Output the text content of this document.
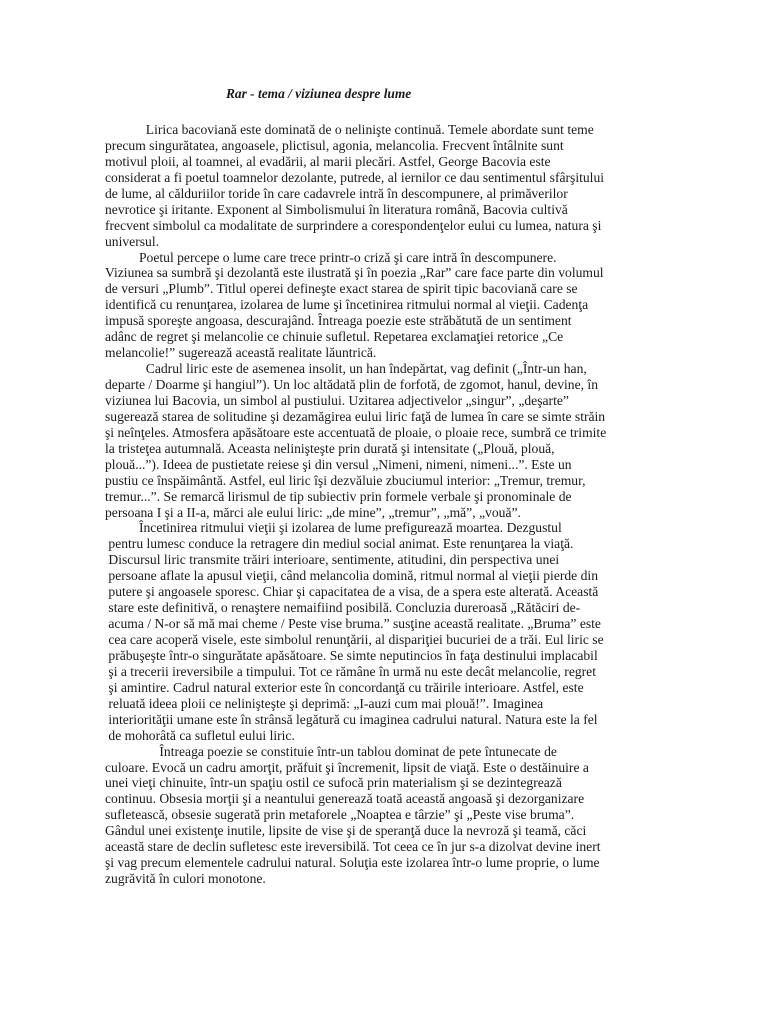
Rar - tema / viziunea despre lume
Lirica bacoviană este dominată de o nelinişte continuă. Temele abordate sunt teme
precum singurătatea, angoasele, plictisul, agonia, melancolia. Frecvent întâlnite sunt
motivul ploii, al toamnei, al evadării, al marii plecări. Astfel, George Bacovia este
considerat a fi poetul toamnelor dezolante, putrede, al iernilor ce dau sentimentul sfârşitului
de lume, al călduriilor toride în care cadavrele intră în descompunere, al primăverilor
nevrotice şi iritante. Exponent al Simbolismului în literatura română, Bacovia cultivă
frecvent simbolul ca modalitate de surprindere a corespondenţelor eului cu lumea, natura şi
universul.
Poetul percepe o lume care trece printr-o criză şi care intră în descompunere.
Viziunea sa sumbră şi dezolantă este ilustrată şi în poezia „Rar” care face parte din volumul
de versuri „Plumb”. Titlul operei defineşte exact starea de spirit tipic bacoviană care se
identifică cu renunţarea, izolarea de lume şi încetinirea ritmului normal al vieţii. Cadenţa
impusă sporeşte angoasa, descurajând. Întreaga poezie este străbătută de un sentiment
adânc de regret şi melancolie ce chinuie sufletul. Repetarea exclamaţiei retorice „Ce
melancolie!” sugerează această realitate lăuntrică.
Cadrul liric este de asemenea insolit, un han îndepărtat, vag definit („Într-un han,
departe / Doarme şi hangiul”). Un loc altădată plin de forfotă, de zgomot, hanul, devine, în
viziunea lui Bacovia, un simbol al pustiului. Uzitarea adjectivelor „singur”, „deşarte”
sugerează starea de solitudine şi dezamăgirea eului liric faţă de lumea în care se simte străin
şi neînţeles. Atmosfera apăsătoare este accentuată de ploaie, o ploaie rece, sumbră ce trimite
la tristeţea autumnală. Aceasta nelinişteşte prin durată şi intensitate („Plouă, plouă,
plouă...”). Ideea de pustietate reiese şi din versul „Nimeni, nimeni, nimeni...”. Este un
pustiu ce înspăimântă. Astfel, eul liric îşi dezvăluie zbuciumul interior: „Tremur, tremur,
tremur...”. Se remarcă lirismul de tip subiectiv prin formele verbale şi pronominale de
persoana I şi a II-a, mărci ale eului liric: „de mine”, „tremur”, „mă”, „vouă”.
Încetinirea ritmului vieţii şi izolarea de lume prefigurează moartea. Dezgustul
pentru lumesc conduce la retragere din mediul social animat. Este renunţarea la viaţă.
Discursul liric transmite trăiri interioare, sentimente, atitudini, din perspectiva unei
persoane aflate la apusul vieţii, când melancolia domină, ritmul normal al vieţii pierde din
putere şi angoasele sporesc. Chiar şi capacitatea de a visa, de a spera este alterată. Această
stare este definitivă, o renaştere nemaifiind posibilă. Concluzia dureroasă „Rătăciri de-
acuma / N-or să mă mai cheme / Peste vise bruma.” susţine această realitate. „Bruma” este
cea care acoperă visele, este simbolul renunţării, al dispariţiei bucuriei de a trăi. Eul liric se
prăbuşeşte într-o singurătate apăsătoare. Se simte neputincios în faţa destinului implacabil
şi a trecerii ireversibile a timpului. Tot ce rămâne în urmă nu este decât melancolie, regret
şi amintire. Cadrul natural exterior este în concordanţă cu trăirile interioare. Astfel, este
reluată ideea ploii ce nelinişteşte şi deprimă: „I-auzi cum mai plouă!”. Imaginea
interiorităţii umane este în strânsă legătură cu imaginea cadrului natural. Natura este la fel
de mohorâtă ca sufletul eului liric.
Întreaga poezie se constituie într-un tablou dominat de pete întunecate de
culoare. Evocă un cadru amorţit, prăfuit şi încremenit, lipsit de viaţă. Este o destăinuire a
unei vieţi chinuite, într-un spaţiu ostil ce sufocă prin materialism şi se dezintegrează
continuu. Obsesia morţii şi a neantului generează toată această angoasă şi dezorganizare
sufletească, obsesie sugerată prin metaforele „Noaptea e târzie” şi „Peste vise bruma”.
Gândul unei existenţe inutile, lipsite de vise şi de speranţă duce la nevroză şi teamă, căci
această stare de declin sufletesc este ireversibilă. Tot ceea ce în jur s-a dizolvat devine inert
şi vag precum elementele cadrului natural. Soluţia este izolarea într-o lume proprie, o lume
zugrăvită în culori monotone.
